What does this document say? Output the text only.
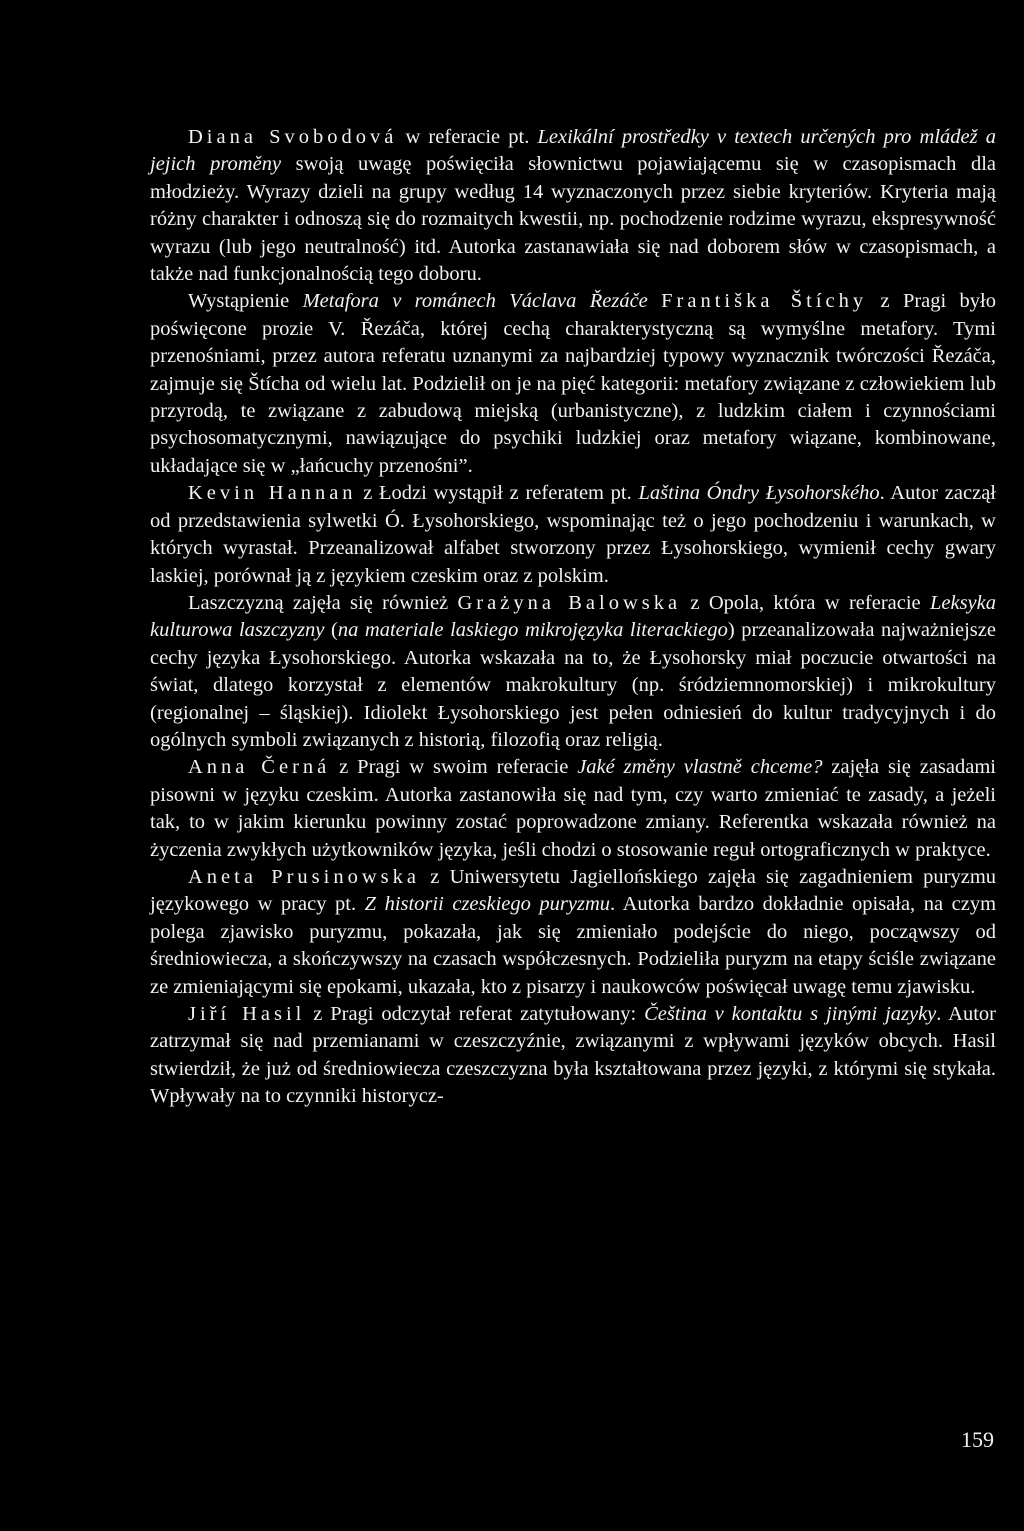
Diana Svobodová w referacie pt. Lexikální prostředky v textech určených pro mládež a jejich proměny swoją uwagę poświęciła słownictwu pojawiającemu się w czasopismach dla młodzieży. Wyrazy dzieli na grupy według 14 wyznaczonych przez siebie kryteriów. Kryteria mają różny charakter i odnoszą się do rozmaitych kwestii, np. pochodzenie rodzime wyrazu, ekspresywność wyrazu (lub jego neutralność) itd. Autorka zastanawiała się nad doborem słów w czasopismach, a także nad funkcjonalnością tego doboru.

Wystąpienie Metafora v románech Václava Řezáče Františka Štíchy z Pragi było poświęcone prozie V. Řezáča, której cechą charakterystyczną są wymyślne metafory. Tymi przenośniami, przez autora referatu uznanymi za najbardziej typowy wyznacznik twórczości Řezáča, zajmuje się Štícha od wielu lat. Podzielił on je na pięć kategorii: metafory związane z człowiekiem lub przyrodą, te związane z zabudową miejską (urbanistyczne), z ludzkim ciałem i czynnościami psychosomatycznymi, nawiązujące do psychiki ludzkiej oraz metafory wiązane, kombinowane, układające się w „łańcuchy przenośni”.

Kevin Hannan z Łodzi wystąpił z referatem pt. Laština Óndry Łysohorského. Autor zaczął od przedstawienia sylwetki Ó. Łysohorskiego, wspominając też o jego pochodzeniu i warunkach, w których wyrastał. Przeanalizował alfabet stworzony przez Łysohorskiego, wymienił cechy gwary laskiej, porównał ją z językiem czeskim oraz z polskim.

Laszczyzną zajęła się również Grażyna Balowska z Opola, która w referacie Leksyka kulturowa laszczyzny (na materiale laskiego mikrojęzyka literackiego) przeanalizowała najważniejsze cechy języka Łysohorskiego. Autorka wskazała na to, że Łysohorsky miał poczucie otwartości na świat, dlatego korzystał z elementów makrokultury (np. śródziemnomorskiej) i mikrokultury (regionalnej – śląskiej). Idiolekt Łysohorskiego jest pełen odniesień do kultur tradycyjnych i do ogólnych symboli związanych z historią, filozofią oraz religią.

Anna Černá z Pragi w swoim referacie Jaké změny vlastně chceme? zajęła się zasadami pisowni w języku czeskim. Autorka zastanowiła się nad tym, czy warto zmieniać te zasady, a jeżeli tak, to w jakim kierunku powinny zostać poprowadzone zmiany. Referentka wskazała również na życzenia zwykłych użytkowników języka, jeśli chodzi o stosowanie reguł ortograficznych w praktyce.

Aneta Prusinowska z Uniwersytetu Jagiellońskiego zajęła się zagadnieniem puryzmu językowego w pracy pt. Z historii czeskiego puryzmu. Autorka bardzo dokładnie opisała, na czym polega zjawisko puryzmu, pokazała, jak się zmieniało podejście do niego, począwszy od średniowiecza, a skończywszy na czasach współczesnych. Podzieliła puryzm na etapy ściśle związane ze zmieniającymi się epokami, ukazała, kto z pisarzy i naukowców poświęcał uwagę temu zjawisku.

Jiří Hasil z Pragi odczytał referat zatytułowany: Čeština v kontaktu s jinými jazyky. Autor zatrzymał się nad przemianami w czeszczyźnie, związanymi z wpływami języków obcych. Hasil stwierdził, że już od średniowiecza czeszczyzna była kształtowana przez języki, z którymi się stykała. Wpływały na to czynniki historycz-

159
